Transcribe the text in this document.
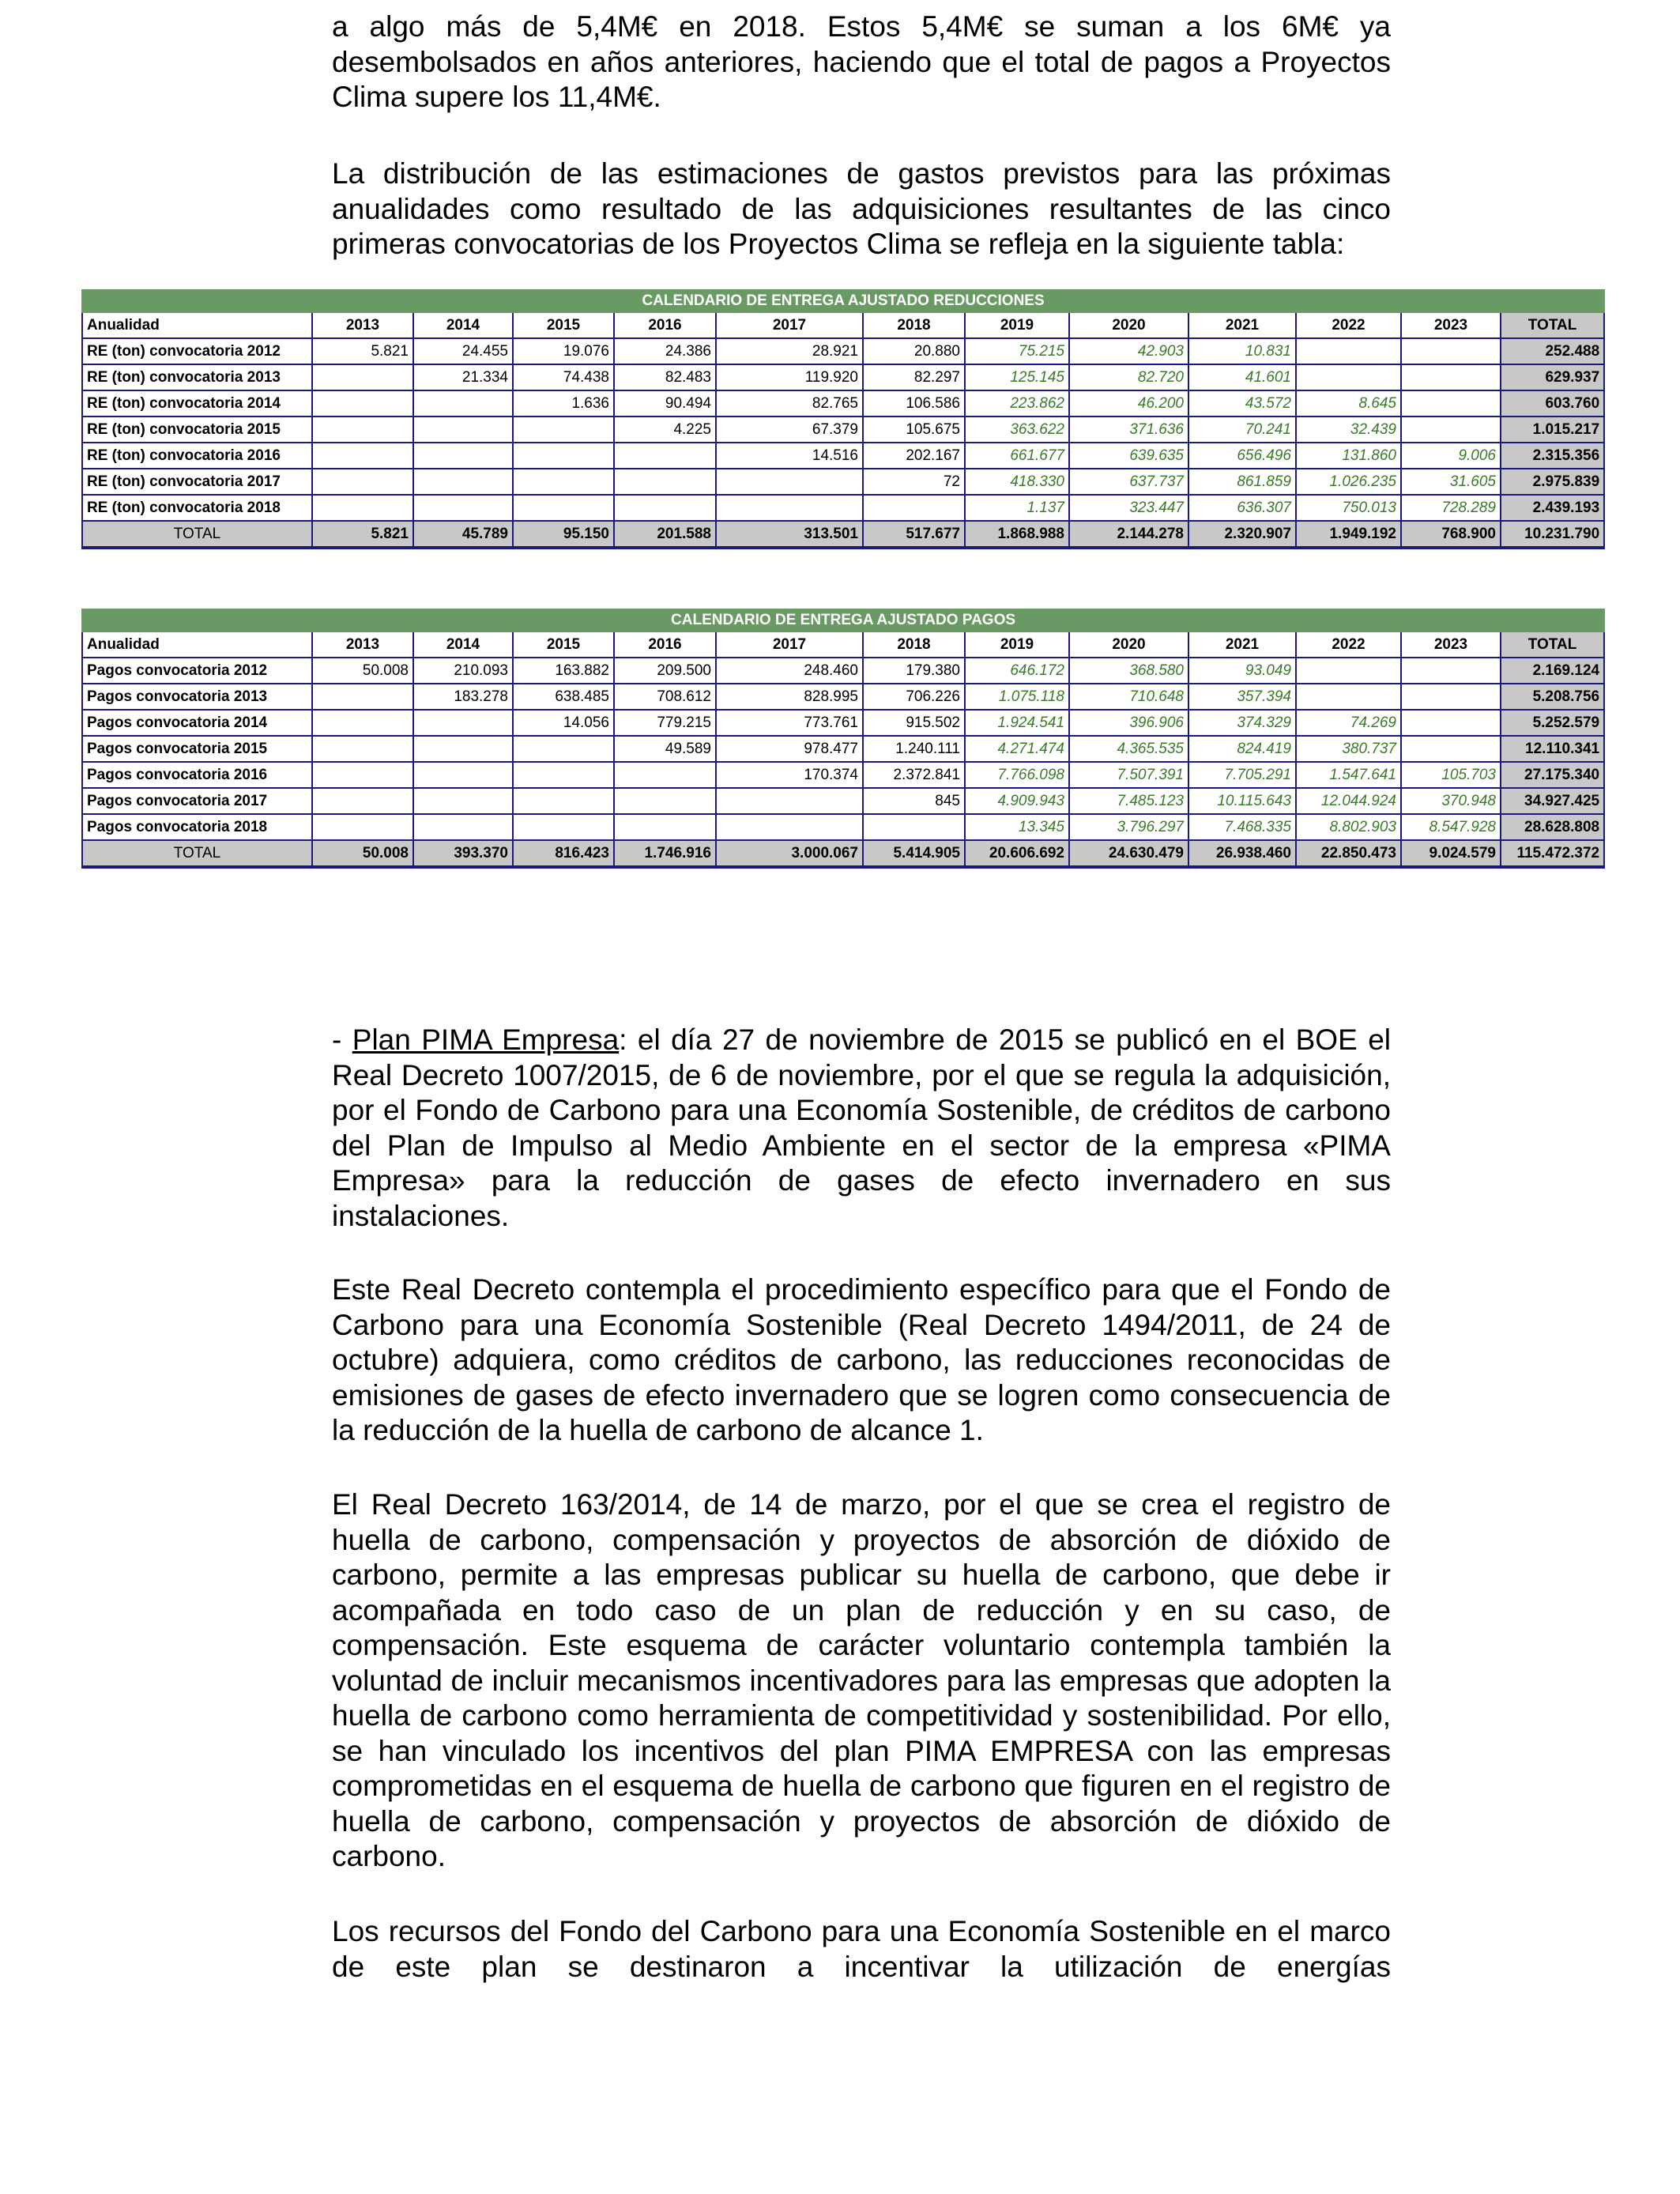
a algo más de 5,4M€ en 2018. Estos 5,4M€ se suman a los 6M€ ya desembolsados en años anteriores, haciendo que el total de pagos a Proyectos Clima supere los 11,4M€.

La distribución de las estimaciones de gastos previstos para las próximas anualidades como resultado de las adquisiciones resultantes de las cinco primeras convocatorias de los Proyectos Clima se refleja en la siguiente tabla:

CALENDARIO DE ENTREGA AJUSTADO REDUCCIONES												
Anualidad	2013	2014	2015	2016	2017	2018	2019	2020	2021	2022	2023	TOTAL
RE (ton) convocatoria 2012	5.821	24.455	19.076	24.386	28.921	20.880	75.215	42.903	10.831			252.488
RE (ton) convocatoria 2013		21.334	74.438	82.483	119.920	82.297	125.145	82.720	41.601			629.937
RE (ton) convocatoria 2014			1.636	90.494	82.765	106.586	223.862	46.200	43.572	8.645		603.760
RE (ton) convocatoria 2015				4.225	67.379	105.675	363.622	371.636	70.241	32.439		1.015.217
RE (ton) convocatoria 2016					14.516	202.167	661.677	639.635	656.496	131.860	9.006	2.315.356
RE (ton) convocatoria 2017						72	418.330	637.737	861.859	1.026.235	31.605	2.975.839
RE (ton) convocatoria 2018							1.137	323.447	636.307	750.013	728.289	2.439.193
TOTAL	5.821	45.789	95.150	201.588	313.501	517.677	1.868.988	2.144.278	2.320.907	1.949.192	768.900	10.231.790
CALENDARIO DE ENTREGA AJUSTADO PAGOS												
Anualidad	2013	2014	2015	2016	2017	2018	2019	2020	2021	2022	2023	TOTAL
Pagos convocatoria 2012	50.008	210.093	163.882	209.500	248.460	179.380	646.172	368.580	93.049			2.169.124
Pagos convocatoria 2013		183.278	638.485	708.612	828.995	706.226	1.075.118	710.648	357.394			5.208.756
Pagos convocatoria 2014			14.056	779.215	773.761	915.502	1.924.541	396.906	374.329	74.269		5.252.579
Pagos convocatoria 2015				49.589	978.477	1.240.111	4.271.474	4.365.535	824.419	380.737		12.110.341
Pagos convocatoria 2016					170.374	2.372.841	7.766.098	7.507.391	7.705.291	1.547.641	105.703	27.175.340
Pagos convocatoria 2017						845	4.909.943	7.485.123	10.115.643	12.044.924	370.948	34.927.425
Pagos convocatoria 2018							13.345	3.796.297	7.468.335	8.802.903	8.547.928	28.628.808
TOTAL	50.008	393.370	816.423	1.746.916	3.000.067	5.414.905	20.606.692	24.630.479	26.938.460	22.850.473	9.024.579	115.472.372

- Plan PIMA Empresa: el día 27 de noviembre de 2015 se publicó en el BOE el Real Decreto 1007/2015, de 6 de noviembre, por el que se regula la adquisición, por el Fondo de Carbono para una Economía Sostenible, de créditos de carbono del Plan de Impulso al Medio Ambiente en el sector de la empresa «PIMA Empresa» para la reducción de gases de efecto invernadero en sus instalaciones.

Este Real Decreto contempla el procedimiento específico para que el Fondo de Carbono para una Economía Sostenible (Real Decreto 1494/2011, de 24 de octubre) adquiera, como créditos de carbono, las reducciones reconocidas de emisiones de gases de efecto invernadero que se logren como consecuencia de la reducción de la huella de carbono de alcance 1.

El Real Decreto 163/2014, de 14 de marzo, por el que se crea el registro de huella de carbono, compensación y proyectos de absorción de dióxido de carbono, permite a las empresas publicar su huella de carbono, que debe ir acompañada en todo caso de un plan de reducción y en su caso, de compensación. Este esquema de carácter voluntario contempla también la voluntad de incluir mecanismos incentivadores para las empresas que adopten la huella de carbono como herramienta de competitividad y sostenibilidad. Por ello, se han vinculado los incentivos del plan PIMA EMPRESA con las empresas comprometidas en el esquema de huella de carbono que figuren en el registro de huella de carbono, compensación y proyectos de absorción de dióxido de carbono.

Los recursos del Fondo del Carbono para una Economía Sostenible en el marco de este plan se destinaron a incentivar la utilización de energías
